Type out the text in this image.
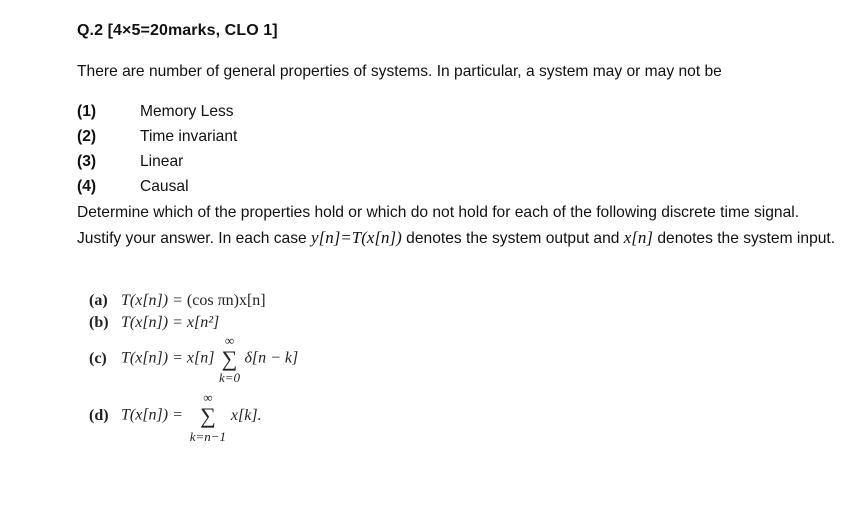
Q.2 [4×5=20marks, CLO 1]
There are number of general properties of systems. In particular, a system may or may not be
(1)	Memory Less
(2)	Time invariant
(3)	Linear
(4)	Causal
Determine which of the properties hold or which do not hold for each of the following discrete time signal. Justify your answer. In each case y[n]=T(x[n]) denotes the system output and x[n] denotes the system input.
(a) T(x[n]) = (cos πn)x[n]
(b) T(x[n]) = x[n²]
(c) T(x[n]) = x[n]
∞
∑
k=0
δ[n − k]
(d) T(x[n]) =
∞
∑
k=n−1
x[k].
